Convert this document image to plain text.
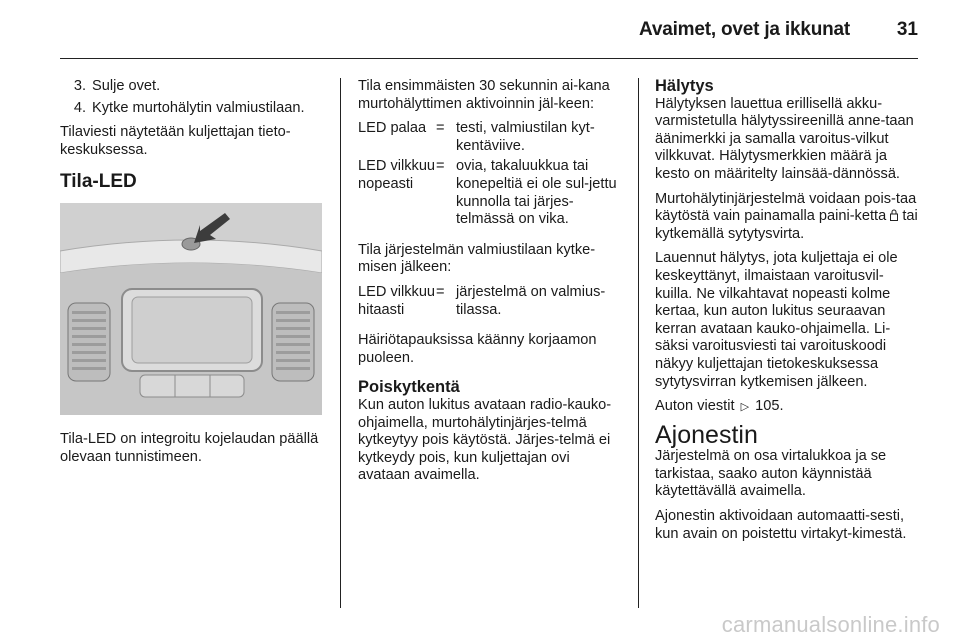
Avaimet, ovet ja ikkunat 31
3. Sulje ovet.
4. Kytke murtohälytin valmiustilaan.

Tilaviesti näytetään kuljettajan tieto-keskuksessa.

Tila-LED

Tila-LED on integroitu kojelaudan päällä olevaan tunnistimeen.

Tila ensimmäisten 30 sekunnin ai-kana murtohälyttimen aktivoinnin jäl-keen:

LED palaa = testi, valmiustilan kyt-kentäviive.
LED vilkkuu nopeasti
= ovia, takaluukkua tai konepeltiä ei ole sul-jettu kunnolla tai järjes-telmässä on vika.

Tila järjestelmän valmiustilaan kytke-misen jälkeen:

LED vilkkuu hitaasti
= järjestelmä on valmius-tilassa.

Häiriötapauksissa käänny korjaamon puoleen.

Poiskytkentä

Kun auton lukitus avataan radio-kauko-ohjaimella, murtohälytinjärjes-telmä kytkeytyy pois käytöstä. Järjes-telmä ei kytkeydy pois, kun kuljettajan ovi avataan avaimella.

Hälytys

Hälytyksen lauettua erillisellä akku-varmistetulla hälytyssireenillä anne-taan äänimerkki ja samalla varoitus-vilkut vilkkuvat. Hälytysmerkkien määrä ja kesto on määritelty lainsää-dännössä.

Murtohälytinjärjestelmä voidaan pois-taa käytöstä vain painamalla paini-ketta tai kytkemällä sytytysvirta.

Lauennut hälytys, jota kuljettaja ei ole keskeyttänyt, ilmaistaan varoitusvil-kuilla. Ne vilkahtavat nopeasti kolme kertaa, kun auton lukitus seuraavan kerran avataan kauko-ohjaimella. Li-säksi varoitusviesti tai varoituskoodi näkyy kuljettajan tietokeskuksessa sytytysvirran kytkemisen jälkeen.

Auton viestit ▷ 105.

Ajonestin

Järjestelmä on osa virtalukkoa ja se tarkistaa, saako auton käynnistää käytettävällä avaimella.

Ajonestin aktivoidaan automaatti-sesti, kun avain on poistettu virtakyt-kimestä.

carmanualsonline.info
